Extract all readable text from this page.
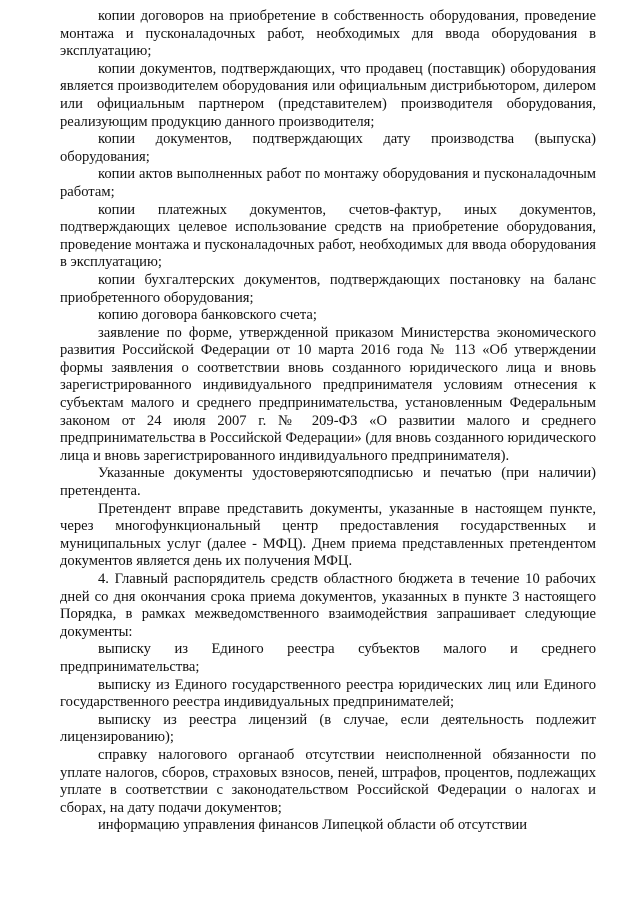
копии договоров на приобретение в собственность оборудования, проведение монтажа и пусконаладочных работ, необходимых для ввода оборудования в эксплуатацию;

копии документов, подтверждающих, что продавец (поставщик) оборудования является производителем оборудования или официальным дистрибьютором, дилером или официальным партнером (представителем) производителя оборудования, реализующим продукцию данного производителя;

копии документов, подтверждающих дату производства (выпуска) оборудования;

копии актов выполненных работ по монтажу оборудования и пусконаладочным работам;

копии платежных документов, счетов-фактур, иных документов, подтверждающих целевое использование средств на приобретение оборудования, проведение монтажа и пусконаладочных работ, необходимых для ввода оборудования в эксплуатацию;

копии бухгалтерских документов, подтверждающих постановку на баланс приобретенного оборудования;

копию договора банковского счета;

заявление по форме, утвержденной приказом Министерства экономического развития Российской Федерации от 10 марта 2016 года № 113 «Об утверждении формы заявления о соответствии вновь созданного юридического лица и вновь зарегистрированного индивидуального предпринимателя условиям отнесения к субъектам малого и среднего предпринимательства, установленным Федеральным законом от 24 июля 2007 г. № 209-ФЗ «О развитии малого и среднего предпринимательства в Российской Федерации» (для вновь созданного юридического лица и вновь зарегистрированного индивидуального предпринимателя).

Указанные документы удостоверяютсяподписью и печатью (при наличии) претендента.

Претендент вправе представить документы, указанные в настоящем пункте, через многофункциональный центр предоставления государственных и муниципальных услуг (далее - МФЦ). Днем приема представленных претендентом документов является день их получения МФЦ.

4. Главный распорядитель средств областного бюджета в течение 10 рабочих дней со дня окончания срока приема документов, указанных в пункте 3 настоящего Порядка, в рамках межведомственного взаимодействия запрашивает следующие документы:

выписку из Единого реестра субъектов малого и среднего предпринимательства;

выписку из Единого государственного реестра юридических лиц или Единого государственного реестра индивидуальных предпринимателей;

выписку из реестра лицензий (в случае, если деятельность подлежит лицензированию);

справку налогового органаоб отсутствии неисполненной обязанности по уплате налогов, сборов, страховых взносов, пеней, штрафов, процентов, подлежащих уплате в соответствии с законодательством Российской Федерации о налогах и сборах, на дату подачи документов;

информацию управления финансов Липецкой области об отсутствии
